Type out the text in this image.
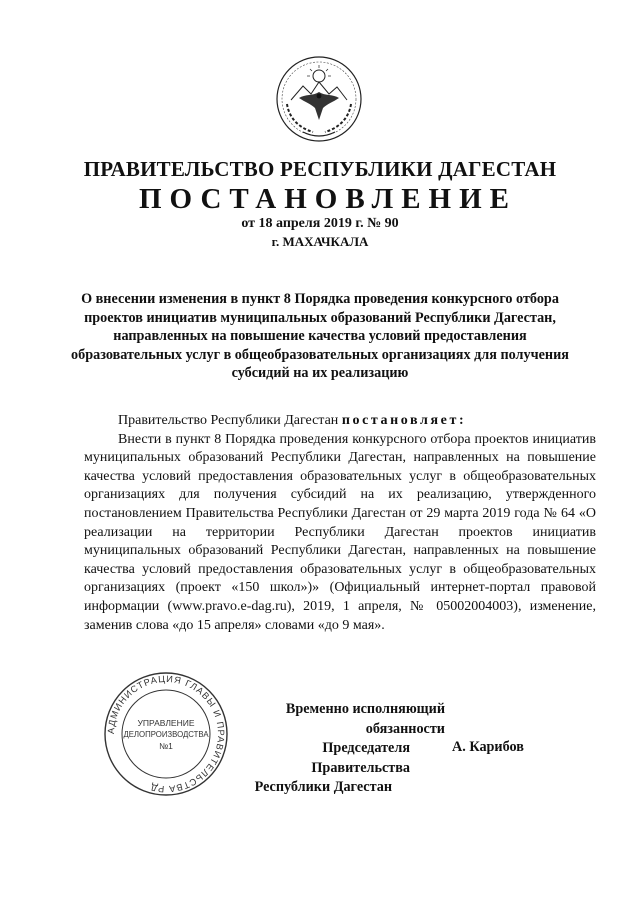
ПРАВИТЕЛЬСТВО РЕСПУБЛИКИ ДАГЕСТАН
ПОСТАНОВЛЕНИЕ
от 18 апреля 2019 г. № 90
г. МАХАЧКАЛА
О внесении изменения в пункт 8 Порядка проведения конкурсного отбора проектов инициатив муниципальных образований Республики Дагестан, направленных на повышение качества условий предоставления образовательных услуг в общеобразовательных организациях для получения субсидий на их реализацию

Правительство Республики Дагестан постановляет:

Внести в пункт 8 Порядка проведения конкурсного отбора проектов инициатив муниципальных образований Республики Дагестан, направленных на повышение качества условий предоставления образовательных услуг в общеобразовательных организациях для получения субсидий на их реализацию, утвержденного постановлением Правительства Республики Дагестан от 29 марта 2019 года № 64 «О реализации на территории Республики Дагестан проектов инициатив муниципальных образований Республики Дагестан, направленных на повышение качества условий предоставления образовательных услуг в общеобразовательных организациях (проект «150 школ»)» (Официальный интернет-портал правовой информации (www.pravo.e-dag.ru), 2019, 1 апреля, № 05002004003), изменение, заменив слова «до 15 апреля» словами «до 9 мая».

АДМИНИСТРАЦИЯ ГЛАВЫ И ПРАВИТЕЛЬСТВА РД
УПРАВЛЕНИЕ
ДЕЛОПРОИЗВОДСТВА
№1
Временно исполняющий обязанности
Председателя Правительства
Республики Дагестан
А. Карибов
